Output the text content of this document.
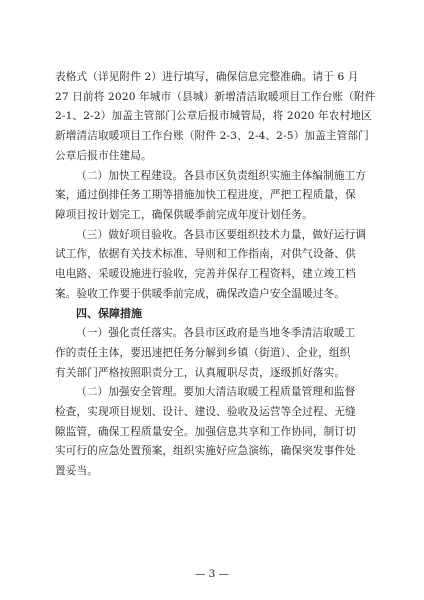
表格式（详见附件 2）进行填写，确保信息完整准确。请于 6 月
27 日前将 2020 年城市（县城）新增清洁取暖项目工作台账（附件
2-1、2-2）加盖主管部门公章后报市城管局，将 2020 年农村地区
新增清洁取暖项目工作台账（附件 2-3、2-4、2-5）加盖主管部门
公章后报市住建局。

（二）加快工程建设。各县市区负责组织实施主体编制施工方
案，通过倒排任务工期等措施加快工程进度，严把工程质量，保
障项目按计划完工，确保供暖季前完成年度计划任务。

（三）做好项目验收。各县市区要组织技术力量，做好运行调
试工作，依据有关技术标准、导则和工作指南，对供气设备、供
电电路、采暖设施进行验收，完善并保存工程资料，建立竣工档
案。验收工作要于供暖季前完成，确保改造户安全温暖过冬。

四、保障措施

（一）强化责任落实。各县市区政府是当地冬季清洁取暖工
作的责任主体，要迅速把任务分解到乡镇（街道）、企业，组织
有关部门严格按照职责分工，认真履职尽责，逐级抓好落实。

（二）加强安全管理。要加大清洁取暖工程质量管理和监督
检查，实现项目规划、设计、建设、验收及运营等全过程、无缝
隙监管，确保工程质量安全。加强信息共享和工作协同，制订切
实可行的应急处置预案，组织实施好应急演练，确保突发事件处
置妥当。

— 3 —
